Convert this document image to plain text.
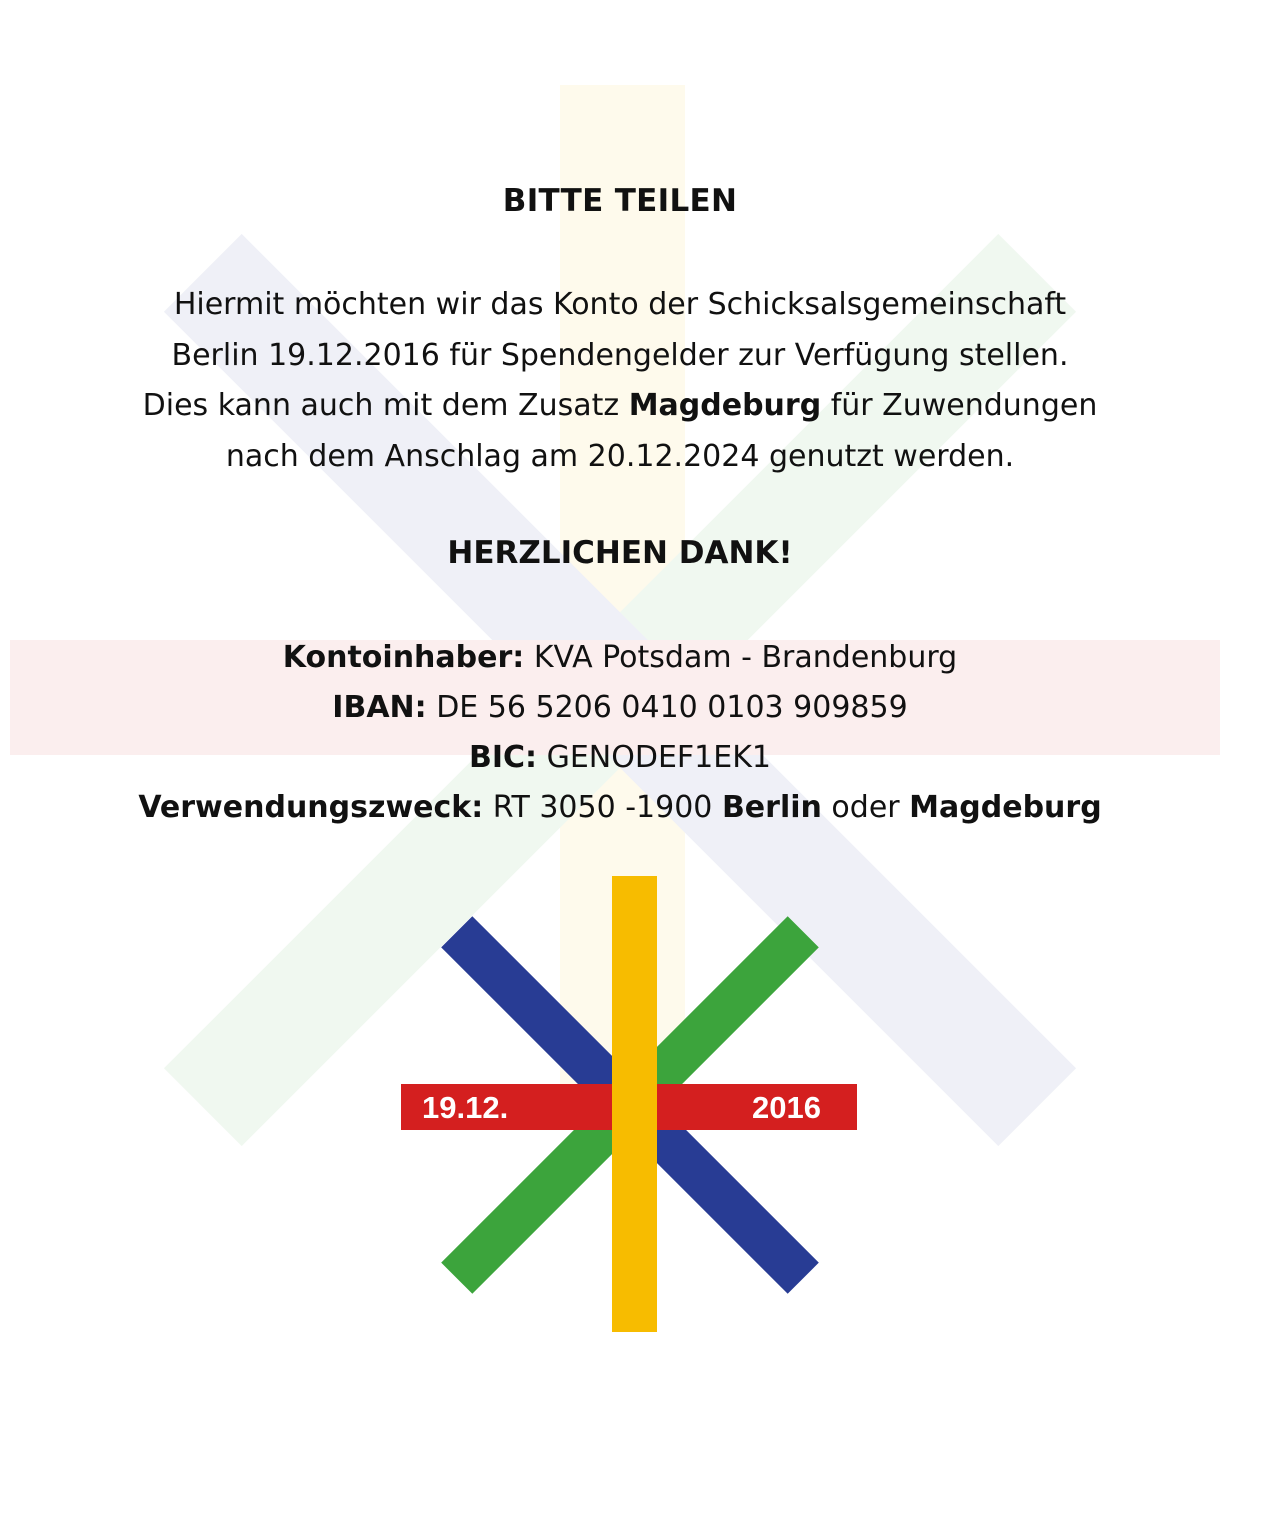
19.12.	2016
BITTE TEILEN
Hiermit möchten wir das Konto der Schicksalsgemeinschaft
Berlin 19.12.2016 für Spendengelder zur Verfügung stellen.
Dies kann auch mit dem Zusatz Magdeburg für Zuwendungen
nach dem Anschlag am 20.12.2024 genutzt werden.
HERZLICHEN DANK!
Kontoinhaber: KVA Potsdam - Brandenburg
IBAN: DE 56 5206 0410 0103 909859
BIC: GENODEF1EK1
Verwendungszweck: RT 3050 -1900 Berlin oder Magdeburg
19.12.	2016
